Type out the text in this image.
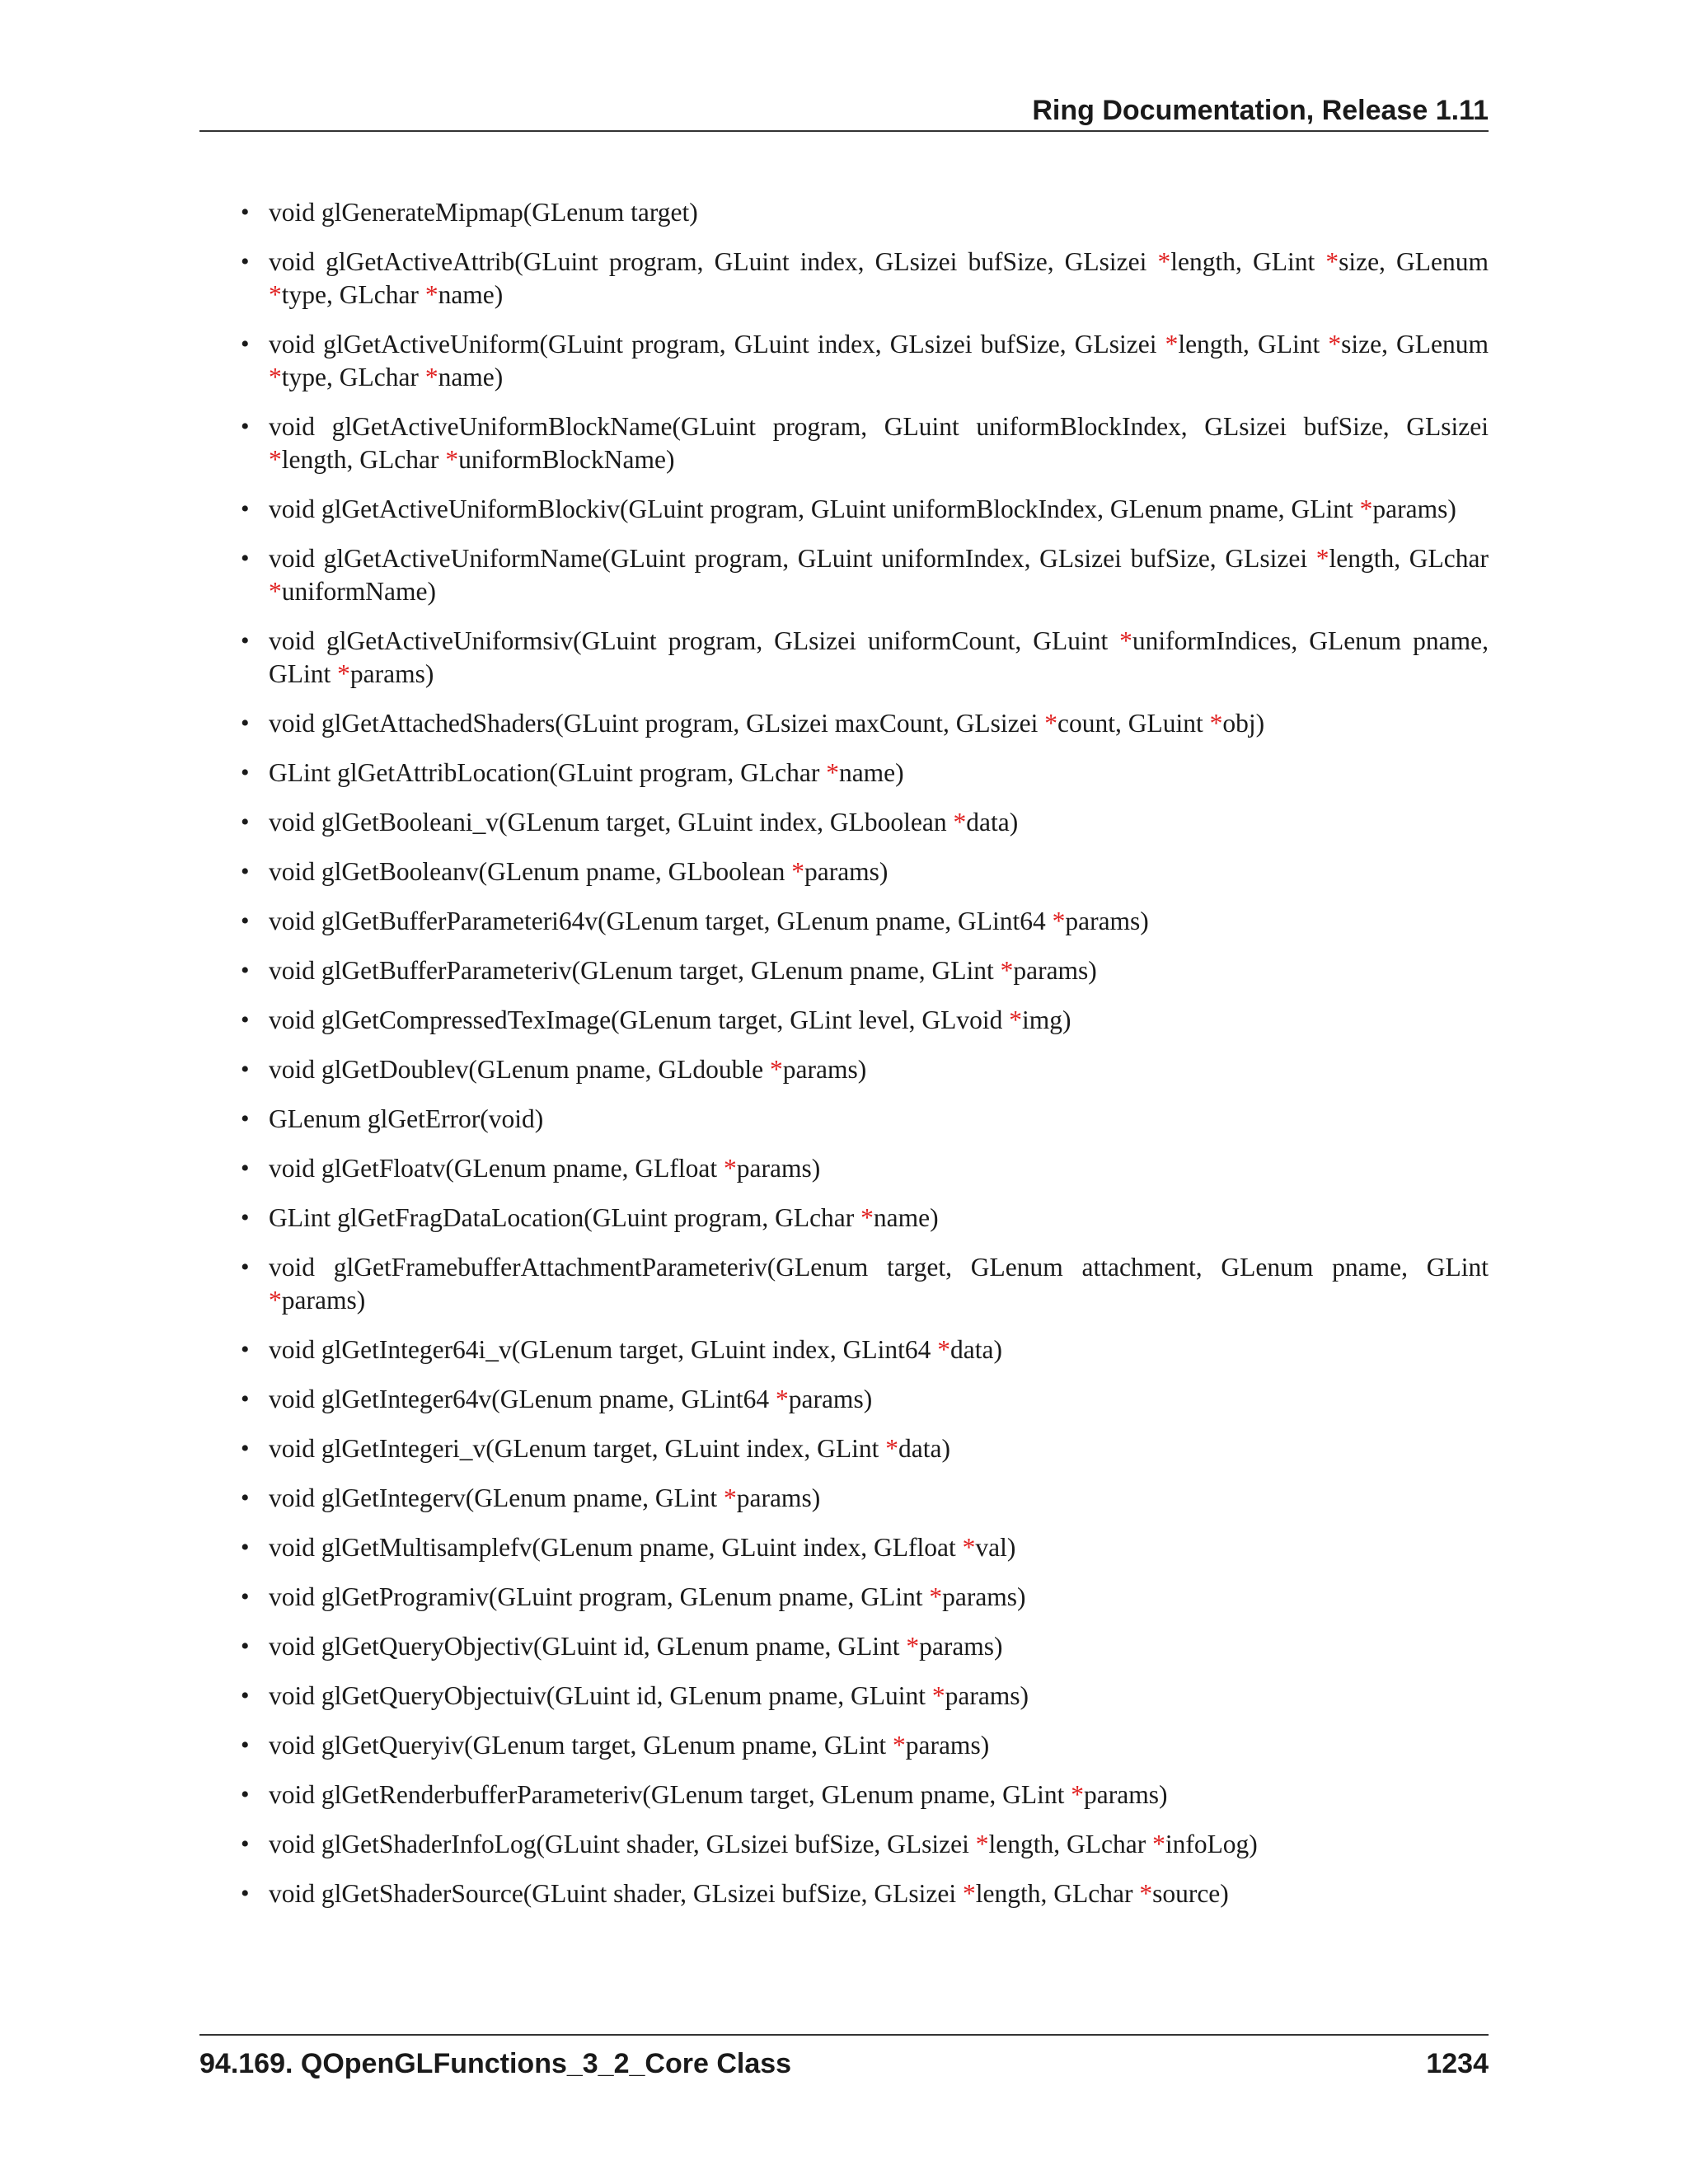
Ring Documentation, Release 1.11
• void glGenerateMipmap(GLenum target)
• void glGetActiveAttrib(GLuint program, GLuint index, GLsizei bufSize, GLsizei *length, GLint *size, GLenum *type, GLchar *name)
• void glGetActiveUniform(GLuint program, GLuint index, GLsizei bufSize, GLsizei *length, GLint *size, GLenum *type, GLchar *name)
• void glGetActiveUniformBlockName(GLuint program, GLuint uniformBlockIndex, GLsizei bufSize, GLsizei *length, GLchar *uniformBlockName)
• void glGetActiveUniformBlockiv(GLuint program, GLuint uniformBlockIndex, GLenum pname, GLint *params)
• void glGetActiveUniformName(GLuint program, GLuint uniformIndex, GLsizei bufSize, GLsizei *length, GLchar *uniformName)
• void glGetActiveUniformsiv(GLuint program, GLsizei uniformCount, GLuint *uniformIndices, GLenum pname, GLint *params)
• void glGetAttachedShaders(GLuint program, GLsizei maxCount, GLsizei *count, GLuint *obj)
• GLint glGetAttribLocation(GLuint program, GLchar *name)
• void glGetBooleani_v(GLenum target, GLuint index, GLboolean *data)
• void glGetBooleanv(GLenum pname, GLboolean *params)
• void glGetBufferParameteri64v(GLenum target, GLenum pname, GLint64 *params)
• void glGetBufferParameteriv(GLenum target, GLenum pname, GLint *params)
• void glGetCompressedTexImage(GLenum target, GLint level, GLvoid *img)
• void glGetDoublev(GLenum pname, GLdouble *params)
• GLenum glGetError(void)
• void glGetFloatv(GLenum pname, GLfloat *params)
• GLint glGetFragDataLocation(GLuint program, GLchar *name)
• void glGetFramebufferAttachmentParameteriv(GLenum target, GLenum attachment, GLenum pname, GLint *params)
• void glGetInteger64i_v(GLenum target, GLuint index, GLint64 *data)
• void glGetInteger64v(GLenum pname, GLint64 *params)
• void glGetIntegeri_v(GLenum target, GLuint index, GLint *data)
• void glGetIntegerv(GLenum pname, GLint *params)
• void glGetMultisamplefv(GLenum pname, GLuint index, GLfloat *val)
• void glGetProgramiv(GLuint program, GLenum pname, GLint *params)
• void glGetQueryObjectiv(GLuint id, GLenum pname, GLint *params)
• void glGetQueryObjectuiv(GLuint id, GLenum pname, GLuint *params)
• void glGetQueryiv(GLenum target, GLenum pname, GLint *params)
• void glGetRenderbufferParameteriv(GLenum target, GLenum pname, GLint *params)
• void glGetShaderInfoLog(GLuint shader, GLsizei bufSize, GLsizei *length, GLchar *infoLog)
• void glGetShaderSource(GLuint shader, GLsizei bufSize, GLsizei *length, GLchar *source)
94.169. QOpenGLFunctions_3_2_Core Class	1234
